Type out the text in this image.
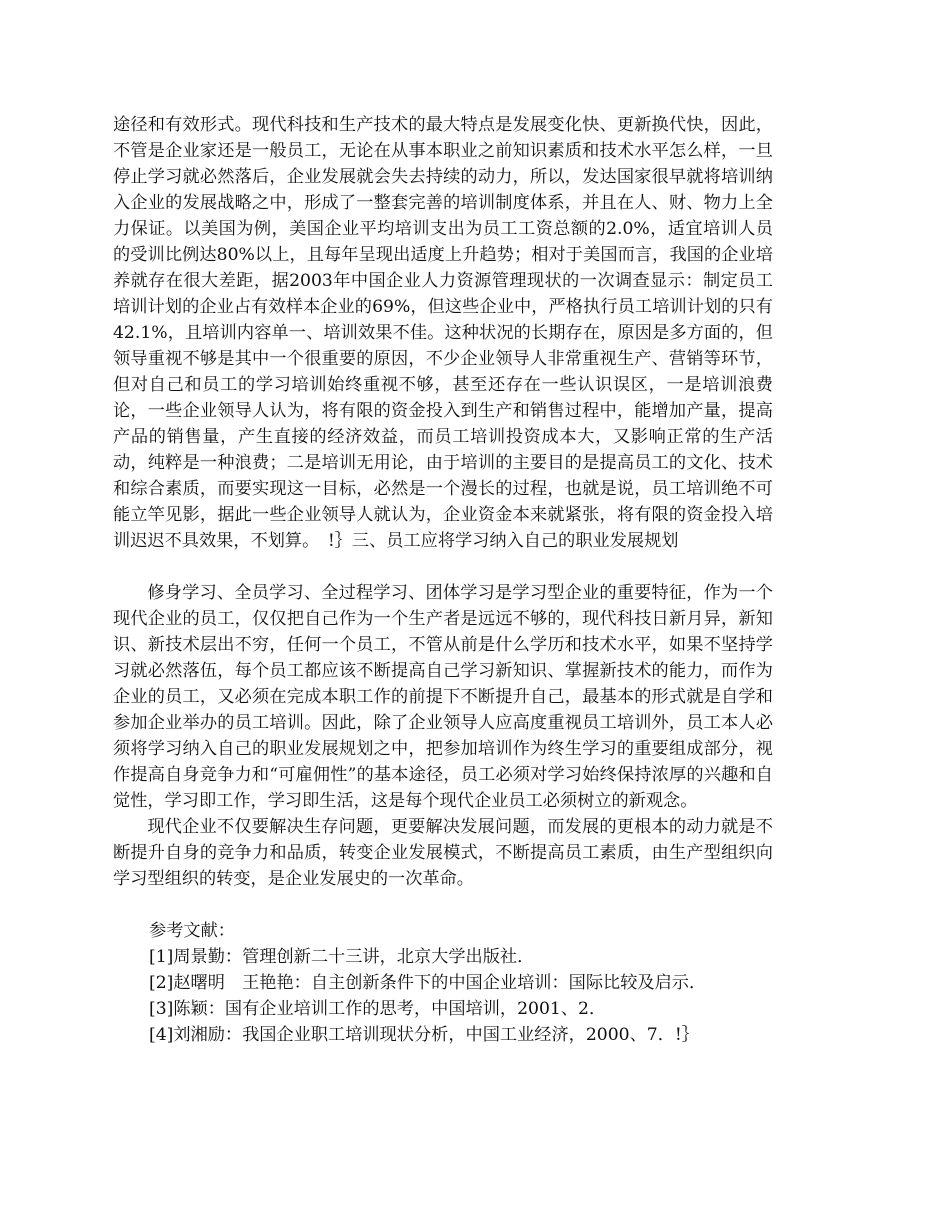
途径和有效形式。现代科技和生产技术的最大特点是发展变化快、更新换代快，因此，不管是企业家还是一般员工，无论在从事本职业之前知识素质和技术水平怎么样，一旦停止学习就必然落后，企业发展就会失去持续的动力，所以，发达国家很早就将培训纳入企业的发展战略之中，形成了一整套完善的培训制度体系，并且在人、财、物力上全力保证。以美国为例，美国企业平均培训支出为员工工资总额的2.0%，适宜培训人员的受训比例达80%以上，且每年呈现出适度上升趋势；相对于美国而言，我国的企业培养就存在很大差距，据2003年中国企业人力资源管理现状的一次调查显示：制定员工培训计划的企业占有效样本企业的69%，但这些企业中，严格执行员工培训计划的只有42.1%，且培训内容单一、培训效果不佳。这种状况的长期存在，原因是多方面的，但领导重视不够是其中一个很重要的原因，不少企业领导人非常重视生产、营销等环节，但对自己和员工的学习培训始终重视不够，甚至还存在一些认识误区，一是培训浪费论，一些企业领导人认为，将有限的资金投入到生产和销售过程中，能增加产量，提高产品的销售量，产生直接的经济效益，而员工培训投资成本大，又影响正常的生产活动，纯粹是一种浪费；二是培训无用论，由于培训的主要目的是提高员工的文化、技术和综合素质，而要实现这一目标，必然是一个漫长的过程，也就是说，员工培训绝不可能立竿见影，据此一些企业领导人就认为，企业资金本来就紧张，将有限的资金投入培训迟迟不具效果，不划算。　!｝三、员工应将学习纳入自己的职业发展规划

修身学习、全员学习、全过程学习、团体学习是学习型企业的重要特征，作为一个现代企业的员工，仅仅把自己作为一个生产者是远远不够的，现代科技日新月异，新知识、新技术层出不穷，任何一个员工，不管从前是什么学历和技术水平，如果不坚持学习就必然落伍，每个员工都应该不断提高自己学习新知识、掌握新技术的能力，而作为企业的员工，又必须在完成本职工作的前提下不断提升自己，最基本的形式就是自学和参加企业举办的员工培训。因此，除了企业领导人应高度重视员工培训外，员工本人必须将学习纳入自己的职业发展规划之中，把参加培训作为终生学习的重要组成部分，视作提高自身竞争力和“可雇佣性”的基本途径，员工必须对学习始终保持浓厚的兴趣和自觉性，学习即工作，学习即生活，这是每个现代企业员工必须树立的新观念。

现代企业不仅要解决生存问题，更要解决发展问题，而发展的更根本的动力就是不断提升自身的竞争力和品质，转变企业发展模式，不断提高员工素质，由生产型组织向学习型组织的转变，是企业发展史的一次革命。

参考文献：

[1]周景勤：管理创新二十三讲，北京大学出版社．

[2]赵曙明　王艳艳：自主创新条件下的中国企业培训：国际比较及启示．

[3]陈颖：国有企业培训工作的思考，中国培训，2001、2．

[4]刘湘励：我国企业职工培训现状分析，中国工业经济，2000、7．!｝
